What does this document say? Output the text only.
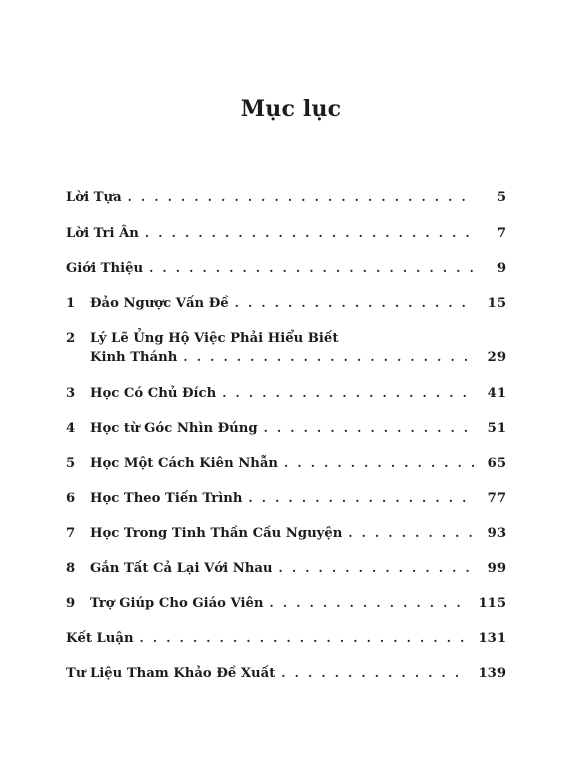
Mục lục
Lời Tựa . . .	5
Lời Tri Ân . . .	7
Giới Thiệu . . .	9
1	Đảo Ngược Vấn Đề . . .	15
2	Lý Lẽ Ủng Hộ Việc Phải Hiểu Biết
Kinh Thánh . . .	29
3	Học Có Chủ Đích . . .	41
4	Học từ Góc Nhìn Đúng . . .	51
5	Học Một Cách Kiên Nhẫn . . .	65
6	Học Theo Tiến Trình . . .	77
7	Học Trong Tinh Thần Cầu Nguyện . . .	93
8	Gắn Tất Cả Lại Với Nhau . . .	99
9	Trợ Giúp Cho Giáo Viên . . .	115
Kết Luận . . .	131
Tư Liệu Tham Khảo Đề Xuất . . .	139
